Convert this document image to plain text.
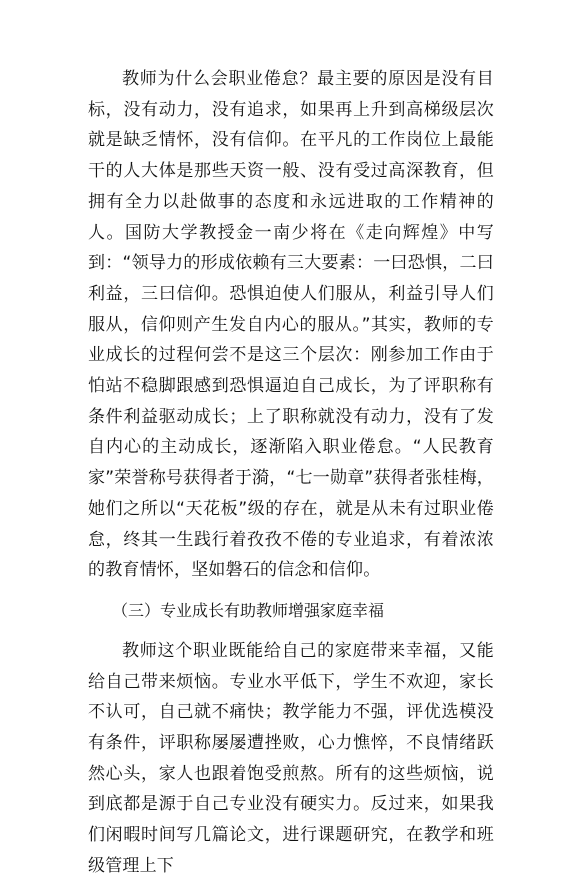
教师为什么会职业倦怠？最主要的原因是没有目标，没有动力，没有追求，如果再上升到高梯级层次就是缺乏情怀，没有信仰。在平凡的工作岗位上最能干的人大体是那些天资一般、没有受过高深教育，但拥有全力以赴做事的态度和永远进取的工作精神的人。国防大学教授金一南少将在《走向辉煌》中写到：“领导力的形成依赖有三大要素：一曰恐惧，二曰利益，三曰信仰。恐惧迫使人们服从，利益引导人们服从，信仰则产生发自内心的服从。”其实，教师的专业成长的过程何尝不是这三个层次：刚参加工作由于怕站不稳脚跟感到恐惧逼迫自己成长，为了评职称有条件利益驱动成长；上了职称就没有动力，没有了发自内心的主动成长，逐渐陷入职业倦怠。“人民教育家”荣誉称号获得者于漪，“七一勋章”获得者张桂梅，她们之所以“天花板”级的存在，就是从未有过职业倦怠，终其一生践行着孜孜不倦的专业追求，有着浓浓的教育情怀，坚如磐石的信念和信仰。

（三）专业成长有助教师增强家庭幸福

教师这个职业既能给自己的家庭带来幸福，又能给自己带来烦恼。专业水平低下，学生不欢迎，家长不认可，自己就不痛快；教学能力不强，评优选模没有条件，评职称屡屡遭挫败，心力憔悴，不良情绪跃然心头，家人也跟着饱受煎熬。所有的这些烦恼，说到底都是源于自己专业没有硬实力。反过来，如果我们闲暇时间写几篇论文，进行课题研究，在教学和班级管理上下
